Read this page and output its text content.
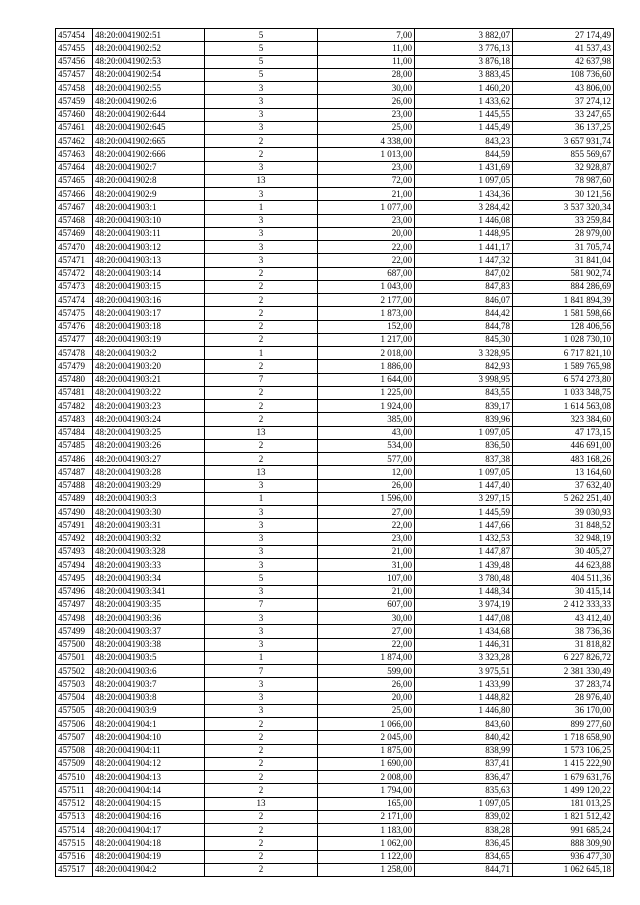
457454	48:20:0041902:51	5	7,00	3 882,07	27 174,49
457455	48:20:0041902:52	5	11,00	3 776,13	41 537,43
457456	48:20:0041902:53	5	11,00	3 876,18	42 637,98
457457	48:20:0041902:54	5	28,00	3 883,45	108 736,60
457458	48:20:0041902:55	3	30,00	1 460,20	43 806,00
457459	48:20:0041902:6	3	26,00	1 433,62	37 274,12
457460	48:20:0041902:644	3	23,00	1 445,55	33 247,65
457461	48:20:0041902:645	3	25,00	1 445,49	36 137,25
457462	48:20:0041902:665	2	4 338,00	843,23	3 657 931,74
457463	48:20:0041902:666	2	1 013,00	844,59	855 569,67
457464	48:20:0041902:7	3	23,00	1 431,69	32 928,87
457465	48:20:0041902:8	13	72,00	1 097,05	78 987,60
457466	48:20:0041902:9	3	21,00	1 434,36	30 121,56
457467	48:20:0041903:1	1	1 077,00	3 284,42	3 537 320,34
457468	48:20:0041903:10	3	23,00	1 446,08	33 259,84
457469	48:20:0041903:11	3	20,00	1 448,95	28 979,00
457470	48:20:0041903:12	3	22,00	1 441,17	31 705,74
457471	48:20:0041903:13	3	22,00	1 447,32	31 841,04
457472	48:20:0041903:14	2	687,00	847,02	581 902,74
457473	48:20:0041903:15	2	1 043,00	847,83	884 286,69
457474	48:20:0041903:16	2	2 177,00	846,07	1 841 894,39
457475	48:20:0041903:17	2	1 873,00	844,42	1 581 598,66
457476	48:20:0041903:18	2	152,00	844,78	128 406,56
457477	48:20:0041903:19	2	1 217,00	845,30	1 028 730,10
457478	48:20:0041903:2	1	2 018,00	3 328,95	6 717 821,10
457479	48:20:0041903:20	2	1 886,00	842,93	1 589 765,98
457480	48:20:0041903:21	7	1 644,00	3 998,95	6 574 273,80
457481	48:20:0041903:22	2	1 225,00	843,55	1 033 348,75
457482	48:20:0041903:23	2	1 924,00	839,17	1 614 563,08
457483	48:20:0041903:24	2	385,00	839,96	323 384,60
457484	48:20:0041903:25	13	43,00	1 097,05	47 173,15
457485	48:20:0041903:26	2	534,00	836,50	446 691,00
457486	48:20:0041903:27	2	577,00	837,38	483 168,26
457487	48:20:0041903:28	13	12,00	1 097,05	13 164,60
457488	48:20:0041903:29	3	26,00	1 447,40	37 632,40
457489	48:20:0041903:3	1	1 596,00	3 297,15	5 262 251,40
457490	48:20:0041903:30	3	27,00	1 445,59	39 030,93
457491	48:20:0041903:31	3	22,00	1 447,66	31 848,52
457492	48:20:0041903:32	3	23,00	1 432,53	32 948,19
457493	48:20:0041903:328	3	21,00	1 447,87	30 405,27
457494	48:20:0041903:33	3	31,00	1 439,48	44 623,88
457495	48:20:0041903:34	5	107,00	3 780,48	404 511,36
457496	48:20:0041903:341	3	21,00	1 448,34	30 415,14
457497	48:20:0041903:35	7	607,00	3 974,19	2 412 333,33
457498	48:20:0041903:36	3	30,00	1 447,08	43 412,40
457499	48:20:0041903:37	3	27,00	1 434,68	38 736,36
457500	48:20:0041903:38	3	22,00	1 446,31	31 818,82
457501	48:20:0041903:5	1	1 874,00	3 323,28	6 227 826,72
457502	48:20:0041903:6	7	599,00	3 975,51	2 381 330,49
457503	48:20:0041903:7	3	26,00	1 433,99	37 283,74
457504	48:20:0041903:8	3	20,00	1 448,82	28 976,40
457505	48:20:0041903:9	3	25,00	1 446,80	36 170,00
457506	48:20:0041904:1	2	1 066,00	843,60	899 277,60
457507	48:20:0041904:10	2	2 045,00	840,42	1 718 658,90
457508	48:20:0041904:11	2	1 875,00	838,99	1 573 106,25
457509	48:20:0041904:12	2	1 690,00	837,41	1 415 222,90
457510	48:20:0041904:13	2	2 008,00	836,47	1 679 631,76
457511	48:20:0041904:14	2	1 794,00	835,63	1 499 120,22
457512	48:20:0041904:15	13	165,00	1 097,05	181 013,25
457513	48:20:0041904:16	2	2 171,00	839,02	1 821 512,42
457514	48:20:0041904:17	2	1 183,00	838,28	991 685,24
457515	48:20:0041904:18	2	1 062,00	836,45	888 309,90
457516	48:20:0041904:19	2	1 122,00	834,65	936 477,30
457517	48:20:0041904:2	2	1 258,00	844,71	1 062 645,18
